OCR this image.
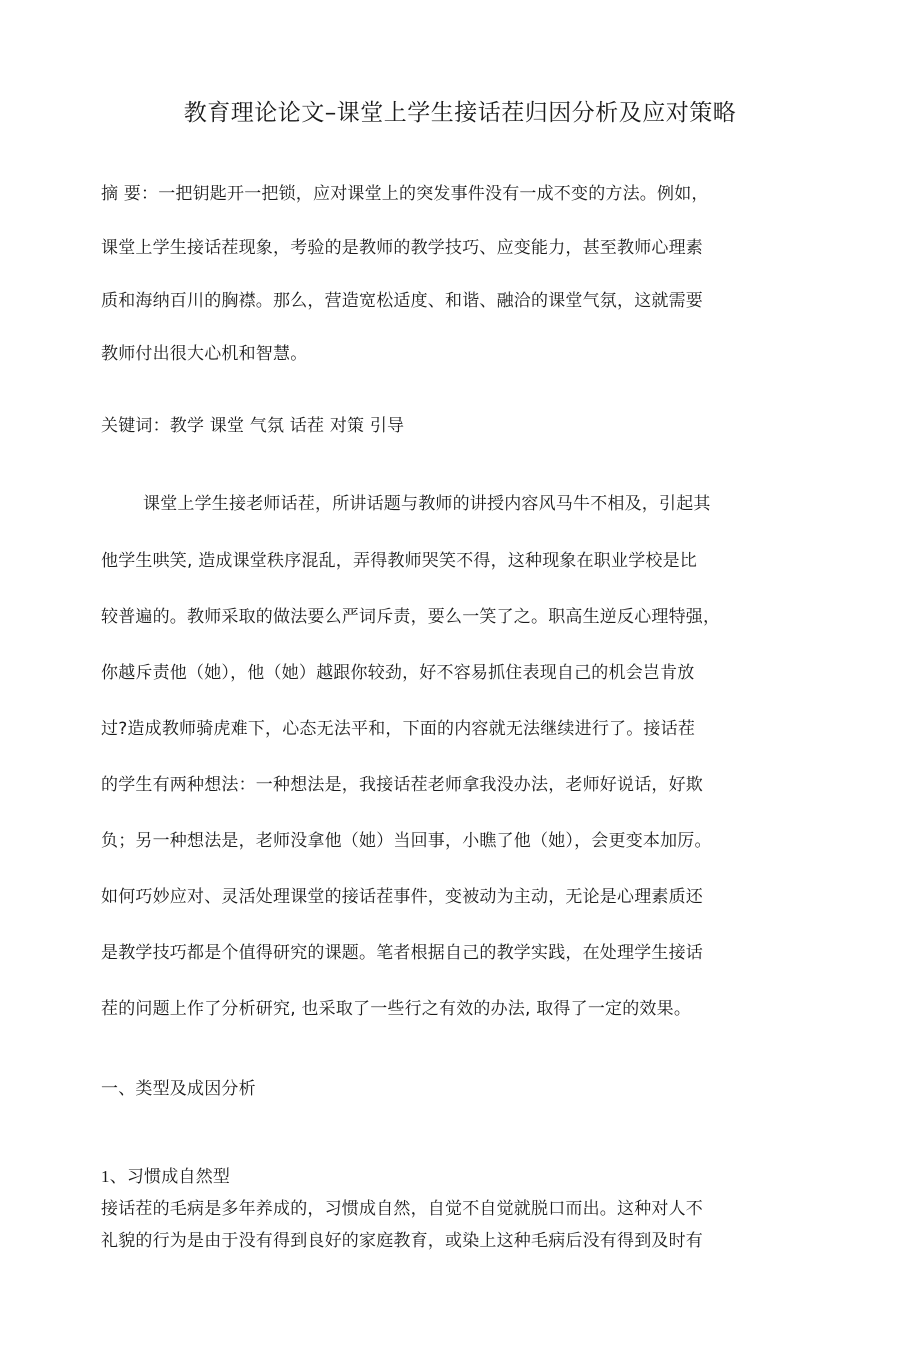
教育理论论文–课堂上学生接话茬归因分析及应对策略
摘 要：一把钥匙开一把锁，应对课堂上的突发事件没有一成不变的方法。例如，
课堂上学生接话茬现象，考验的是教师的教学技巧、应变能力，甚至教师心理素
质和海纳百川的胸襟。那么，营造宽松适度、和谐、融洽的课堂气氛，这就需要
教师付出很大心机和智慧。
关键词：教学 课堂 气氛 话茬 对策 引导
课堂上学生接老师话茬，所讲话题与教师的讲授内容风马牛不相及，引起其
他学生哄笑, 造成课堂秩序混乱，弄得教师哭笑不得，这种现象在职业学校是比
较普遍的。教师采取的做法要么严词斥责，要么一笑了之。职高生逆反心理特强，
你越斥责他（她），他（她）越跟你较劲，好不容易抓住表现自己的机会岂肯放
过?造成教师骑虎难下，心态无法平和，下面的内容就无法继续进行了。接话茬
的学生有两种想法：一种想法是，我接话茬老师拿我没办法，老师好说话，好欺
负；另一种想法是，老师没拿他（她）当回事，小瞧了他（她），会更变本加厉。
如何巧妙应对、灵活处理课堂的接话茬事件，变被动为主动，无论是心理素质还
是教学技巧都是个值得研究的课题。笔者根据自己的教学实践，在处理学生接话
茬的问题上作了分析研究, 也采取了一些行之有效的办法, 取得了一定的效果。
一、类型及成因分析
1、习惯成自然型
接话茬的毛病是多年养成的，习惯成自然，自觉不自觉就脱口而出。这种对人不
礼貌的行为是由于没有得到良好的家庭教育，或染上这种毛病后没有得到及时有
